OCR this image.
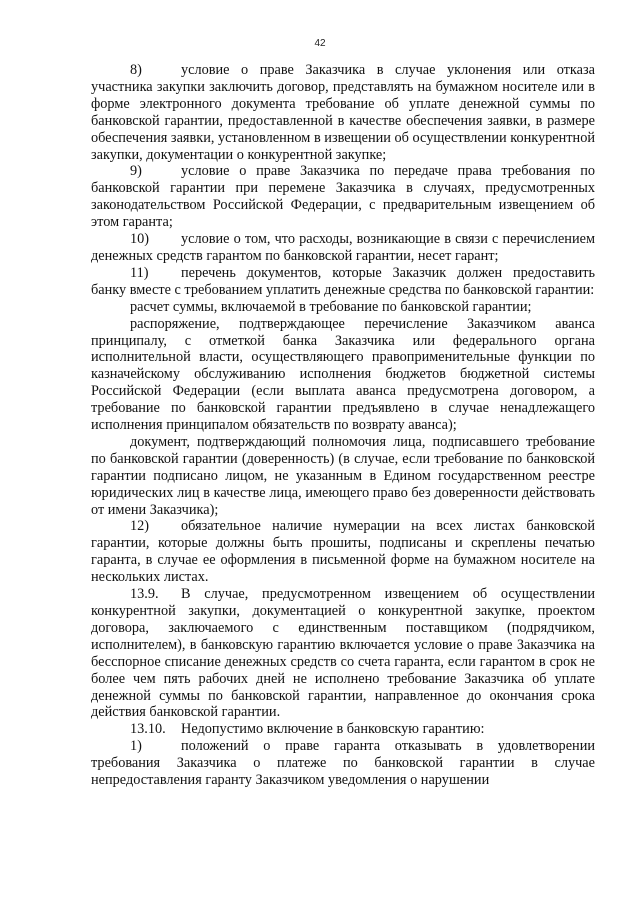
42

8)	условие о праве Заказчика в случае уклонения или отказа участника закупки заключить договор, представлять на бумажном носителе или в форме электронного документа требование об уплате денежной суммы по банковской гарантии, предоставленной в качестве обеспечения заявки, в размере обеспечения заявки, установленном в извещении об осуществлении конкурентной закупки, документации о конкурентной закупке;

9)	условие о праве Заказчика по передаче права требования по банковской гарантии при перемене Заказчика в случаях, предусмотренных законодательством Российской Федерации, с предварительным извещением об этом гаранта;

10) условие о том, что расходы, возникающие в связи с перечислением денежных средств гарантом по банковской гарантии, несет гарант;

11) перечень документов, которые Заказчик должен предоставить банку вместе с требованием уплатить денежные средства по банковской гарантии:

расчет суммы, включаемой в требование по банковской гарантии;

распоряжение, подтверждающее перечисление Заказчиком аванса принципалу, с отметкой банка Заказчика или федерального органа исполнительной власти, осуществляющего правоприменительные функции по казначейскому обслуживанию исполнения бюджетов бюджетной системы Российской Федерации (если выплата аванса предусмотрена договором, а требование по банковской гарантии предъявлено в случае ненадлежащего исполнения принципалом обязательств по возврату аванса);

документ, подтверждающий полномочия лица, подписавшего требование по банковской гарантии (доверенность) (в случае, если требование по банковской гарантии подписано лицом, не указанным в Едином государственном реестре юридических лиц в качестве лица, имеющего право без доверенности действовать от имени Заказчика);

12) обязательное наличие нумерации на всех листах банковской гарантии, которые должны быть прошиты, подписаны и скреплены печатью гаранта, в случае ее оформления в письменной форме на бумажном носителе на нескольких листах.

13.9. В случае, предусмотренном извещением об осуществлении конкурентной закупки, документацией о конкурентной закупке, проектом договора, заключаемого с единственным поставщиком (подрядчиком, исполнителем), в банковскую гарантию включается условие о праве Заказчика на бесспорное списание денежных средств со счета гаранта, если гарантом в срок не более чем пять рабочих дней не исполнено требование Заказчика об уплате денежной суммы по банковской гарантии, направленное до окончания срока действия банковской гарантии.

13.10. Недопустимо включение в банковскую гарантию:

1)	положений о праве гаранта отказывать в удовлетворении требования Заказчика о платеже по банковской гарантии в случае непредоставления гаранту Заказчиком уведомления о нарушении
